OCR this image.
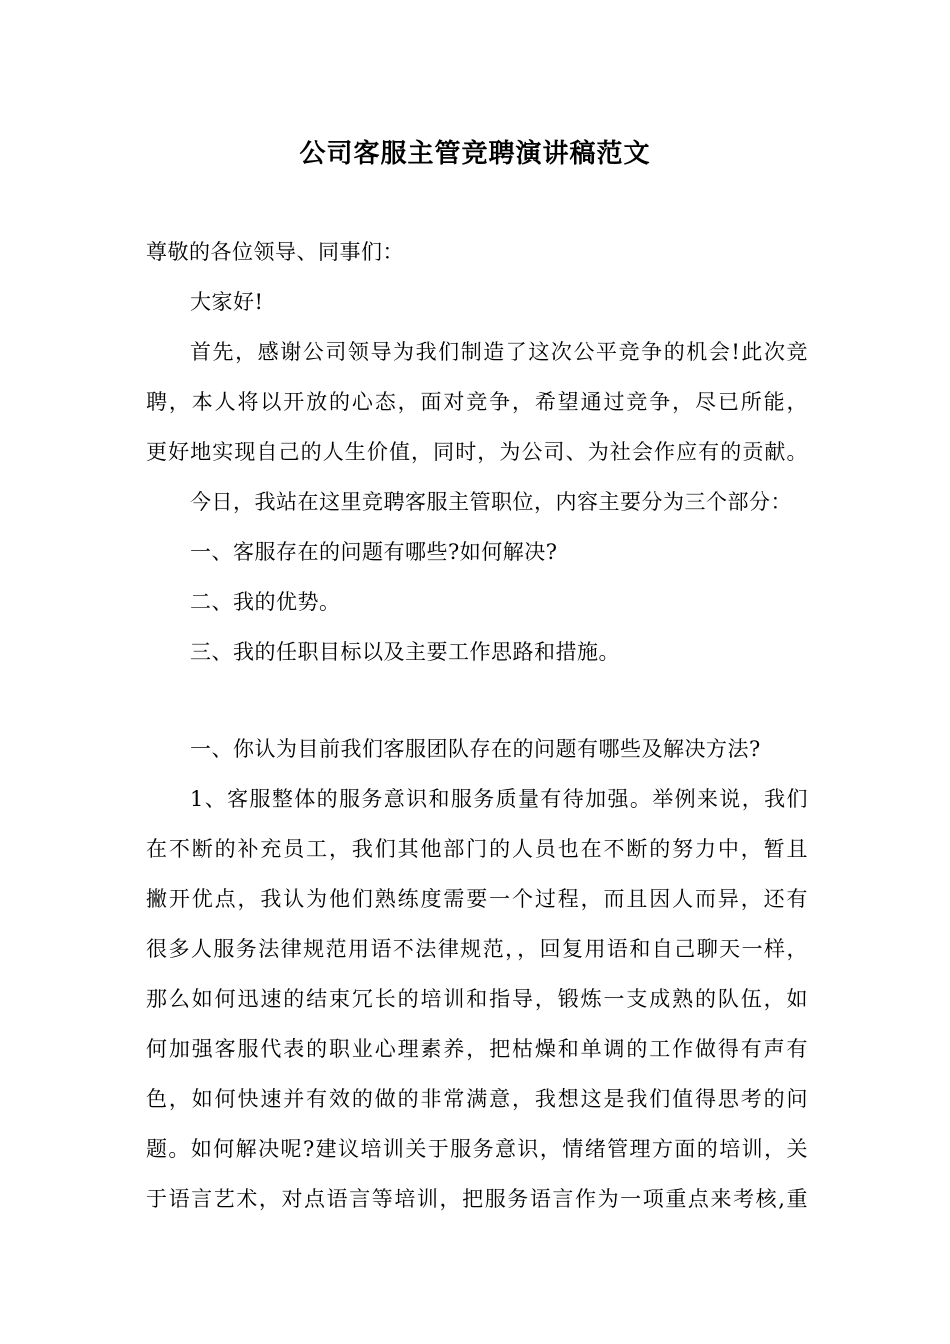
公司客服主管竞聘演讲稿范文
尊敬的各位领导、同事们：
大家好!
首先，感谢公司领导为我们制造了这次公平竞争的机会!此次竞
聘，本人将以开放的心态，面对竞争，希望通过竞争，尽已所能，
更好地实现自己的人生价值，同时，为公司、为社会作应有的贡献。
今日，我站在这里竞聘客服主管职位，内容主要分为三个部分：
一、客服存在的问题有哪些?如何解决?
二、我的优势。
三、我的任职目标以及主要工作思路和措施。
一、你认为目前我们客服团队存在的问题有哪些及解决方法?
1、客服整体的服务意识和服务质量有待加强。举例来说，我们
在不断的补充员工，我们其他部门的人员也在不断的努力中，暂且
撇开优点，我认为他们熟练度需要一个过程，而且因人而异，还有
很多人服务法律规范用语不法律规范，，回复用语和自己聊天一样，
那么如何迅速的结束冗长的培训和指导，锻炼一支成熟的队伍，如
何加强客服代表的职业心理素养，把枯燥和单调的工作做得有声有
色，如何快速并有效的做的非常满意，我想这是我们值得思考的问
题。如何解决呢?建议培训关于服务意识，情绪管理方面的培训，关
于语言艺术，对点语言等培训，把服务语言作为一项重点来考核,重
